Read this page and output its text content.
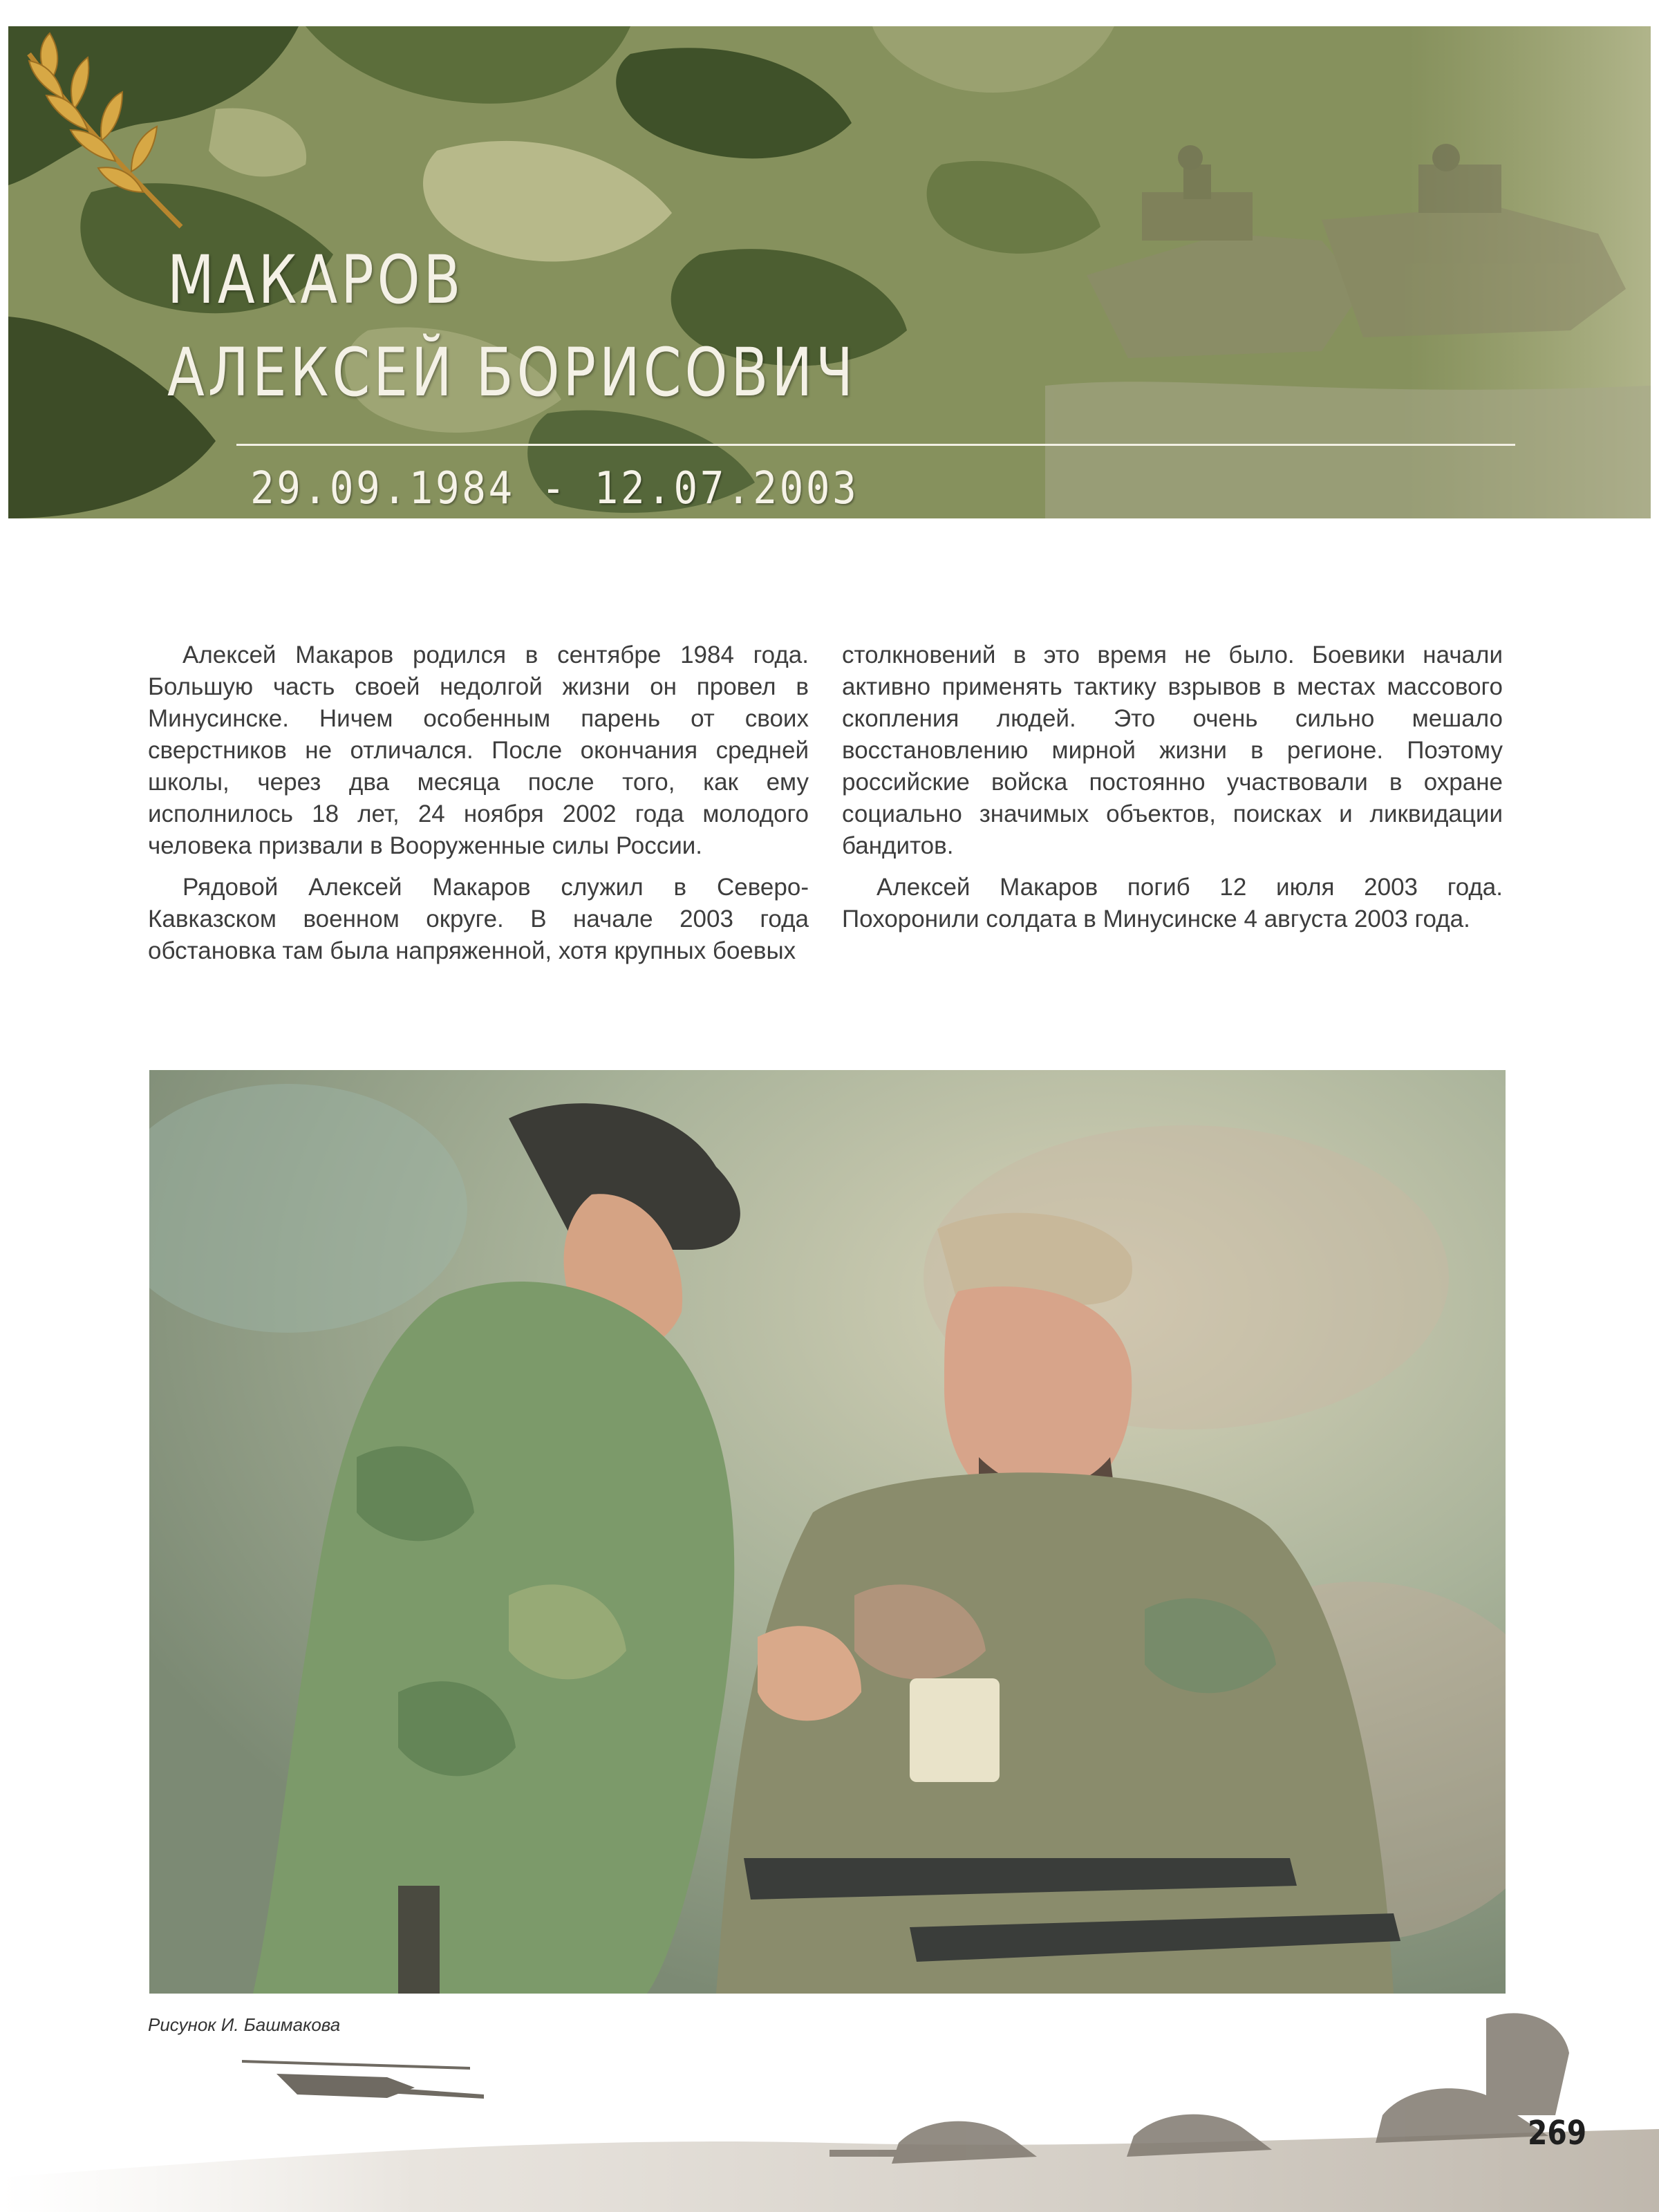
МАКАРОВ
АЛЕКСЕЙ БОРИСОВИЧ
29.09.1984 - 12.07.2003

Алексей Макаров родился в сентябре 1984 года. Большую часть своей недолгой жизни он провел в Минусинске. Ничем особенным парень от своих сверстников не отличался. После окончания средней школы, через два месяца после того, как ему исполнилось 18 лет, 24 ноября 2002 года молодого человека призвали в Вооруженные силы России.

Рядовой Алексей Макаров служил в Северо-Кавказском военном округе. В начале 2003 года обстановка там была напряженной, хотя крупных боевых

столкновений в это время не было. Боевики начали активно применять тактику взрывов в местах массового скопления людей. Это очень сильно мешало восстановлению мирной жизни в регионе. Поэтому российские войска постоянно участвовали в охране социально значимых объектов, поисках и ликвидации бандитов.

Алексей Макаров погиб 12 июля 2003 года. Похоронили солдата в Минусинске 4 августа 2003 года.

Рисунок И. Башмакова
269
